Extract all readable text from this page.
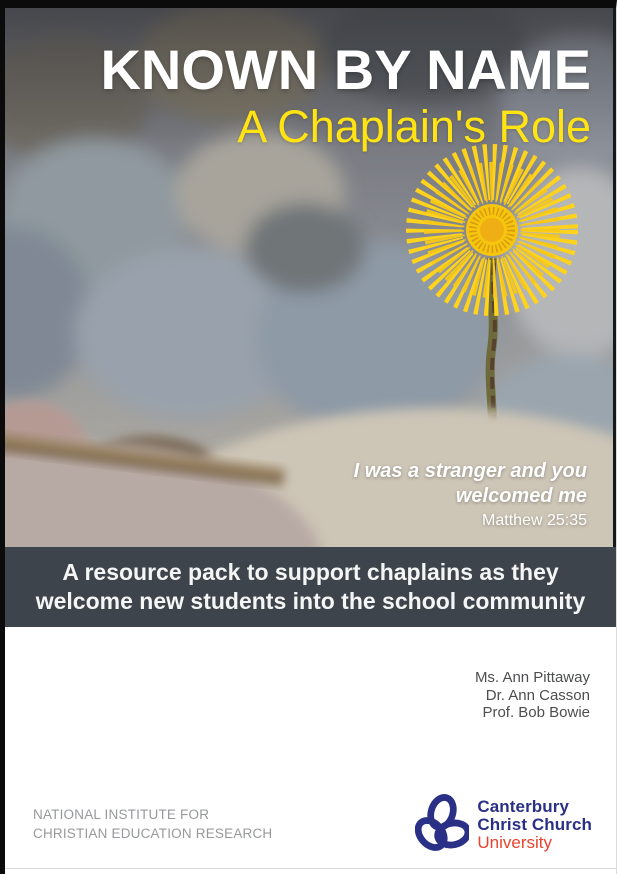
KNOWN BY NAME
A Chaplain's Role
I was a stranger and you
welcomed me
Matthew 25:35
A resource pack to support chaplains as they
welcome new students into the school community
Ms. Ann Pittaway
Dr. Ann Casson
Prof. Bob Bowie
NATIONAL INSTITUTE FOR
CHRISTIAN EDUCATION RESEARCH
Canterbury
Christ Church
University
